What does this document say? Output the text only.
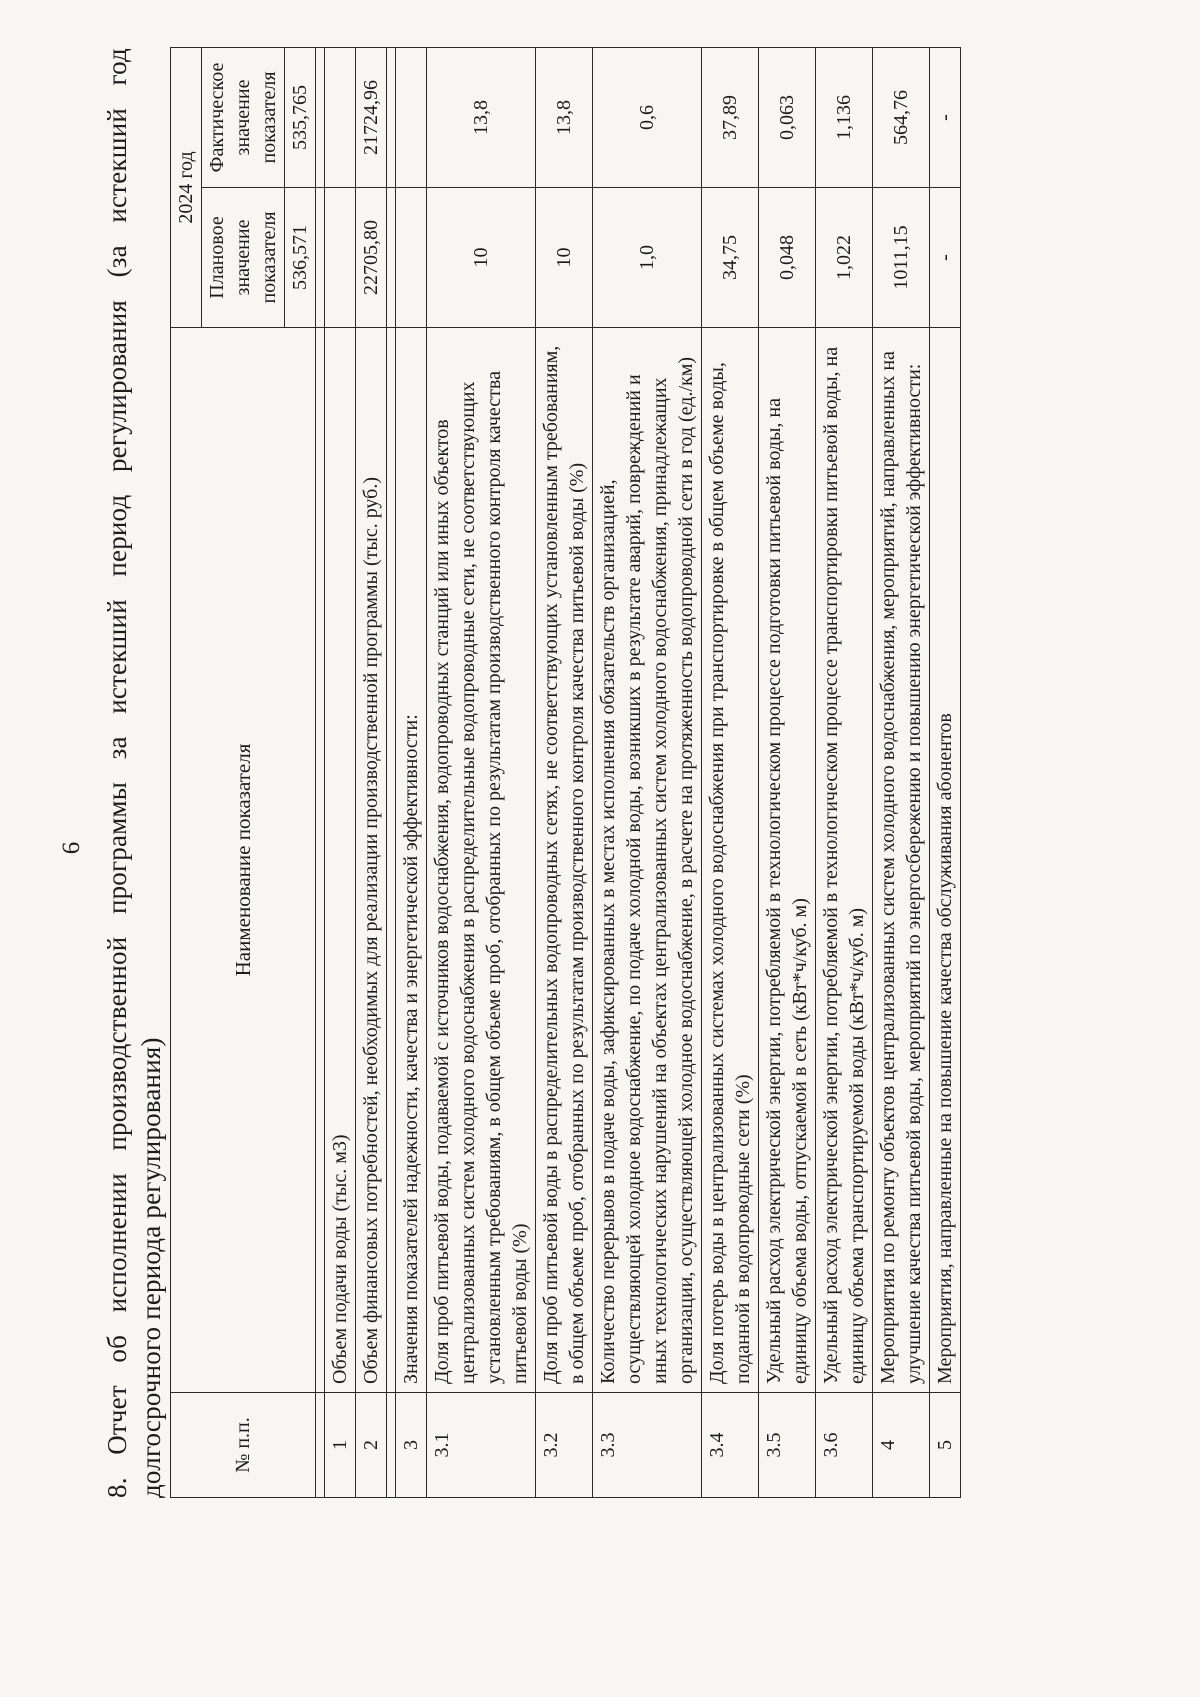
6 8. Отчет об исполнении производственной программы за истекший период регулирования (за истекший год долгосрочного периода регулирования)	№ п.п.	Наименование показателя	2024 год	
		Плановое значение показателя	Фактическое значение показателя
		536,571	535,765

1	Объем подачи воды (тыс. м3)		
2	Объем финансовых потребностей, необходимых для реализации производственной программы (тыс. руб.)	22705,80	21724,96

3	Значения показателей надежности, качества и энергетической эффективности:		
3.1	Доля проб питьевой воды, подаваемой с источников водоснабжения, водопроводных станций или иных объектов централизованных систем холодного водоснабжения в распределительные водопроводные сети, не соответствующих установленным требованиям, в общем объеме проб, отобранных по результатам производственного контроля качества питьевой воды (%)	10	13,8
3.2	Доля проб питьевой воды в распределительных водопроводных сетях, не соответствующих установленным требованиям, в общем объеме проб, отобранных по результатам производственного контроля качества питьевой воды (%)	10	13,8
3.3	Количество перерывов в подаче воды, зафиксированных в местах исполнения обязательств организацией, осуществляющей холодное водоснабжение, по подаче холодной воды, возникших в результате аварий, повреждений и иных технологических нарушений на объектах централизованных систем холодного водоснабжения, принадлежащих организации, осуществляющей холодное водоснабжение, в расчете на протяженность водопроводной сети в год (ед./км)	1,0	0,6
3.4	Доля потерь воды в централизованных системах холодного водоснабжения при транспортировке в общем объеме воды, поданной в водопроводные сети (%)	34,75	37,89
3.5	Удельный расход электрической энергии, потребляемой в технологическом процессе подготовки питьевой воды, на единицу объема воды, отпускаемой в сеть (кВт*ч/куб. м)	0,048	0,063
3.6	Удельный расход электрической энергии, потребляемой в технологическом процессе транспортировки питьевой воды, на единицу объема транспортируемой воды (кВт*ч/куб. м)	1,022	1,136
4	Мероприятия по ремонту объектов централизованных систем холодного водоснабжения, мероприятий, направленных на улучшение качества питьевой воды, мероприятий по энергосбережению и повышению энергетической эффективности:	1011,15	564,76
5	Мероприятия, направленные на повышение качества обслуживания абонентов	-	-
